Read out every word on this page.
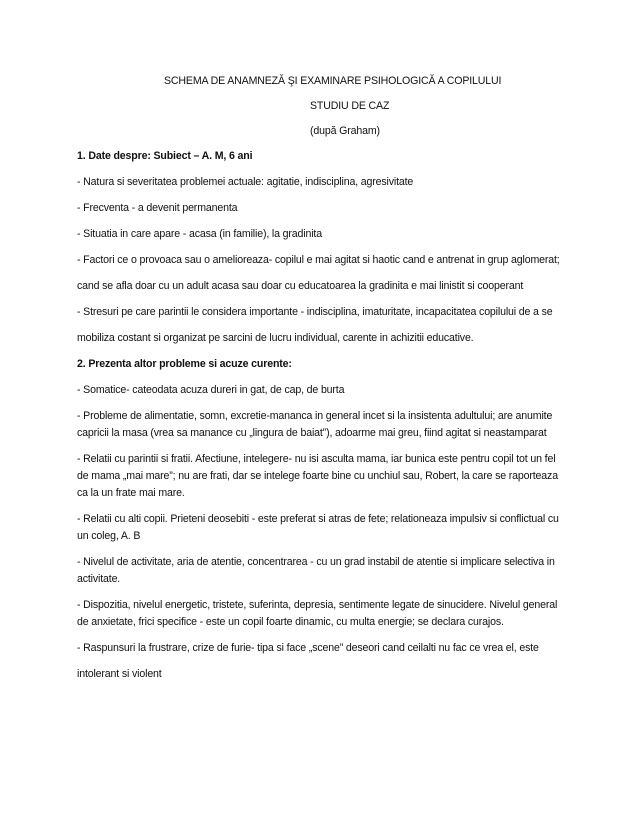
SCHEMA DE ANAMNEZĂ ŞI EXAMINARE PSIHOLOGICĂ A COPILULUI

STUDIU DE CAZ

(după Graham)

1. Date despre: Subiect – A. M, 6 ani

- Natura si severitatea problemei actuale: agitatie, indisciplina, agresivitate

- Frecventa - a devenit permanenta

- Situatia in care apare - acasa (in familie), la gradinita

- Factori ce o provoaca sau o amelioreaza- copilul e mai agitat si haotic cand e antrenat in grup aglomerat;

cand se afla doar cu un adult acasa sau doar cu educatoarea la gradinita e mai linistit si cooperant

- Stresuri pe care parintii le considera importante - indisciplina, imaturitate, incapacitatea copilului de a se

mobiliza costant si organizat pe sarcini de lucru individual, carente in achizitii educative.

2. Prezenta altor probleme si acuze curente:

- Somatice- cateodata acuza dureri in gat, de cap, de burta

- Probleme de alimentatie, somn, excretie-mananca in general incet si la insistenta adultului; are anumite capricii la masa (vrea sa manance cu „lingura de baiat”), adoarme mai greu, fiind agitat si neastamparat

- Relatii cu parintii si fratii. Afectiune, intelegere- nu isi asculta mama, iar bunica este pentru copil tot un fel de mama „mai mare”; nu are frati, dar se intelege foarte bine cu unchiul sau, Robert, la care se raporteaza ca la un frate mai mare.

- Relatii cu alti copii. Prieteni deosebiti - este preferat si atras de fete; relationeaza impulsiv si conflictual cu un coleg, A. B

- Nivelul de activitate, aria de atentie, concentrarea - cu un grad instabil de atentie si implicare selectiva in activitate.

- Dispozitia, nivelul energetic, tristete, suferinta, depresia, sentimente legate de sinucidere. Nivelul general de anxietate, frici specifice - este un copil foarte dinamic, cu multa energie; se declara curajos.

- Raspunsuri la frustrare, crize de furie- tipa si face „scene” deseori cand ceilalti nu fac ce vrea el, este

intolerant si violent
